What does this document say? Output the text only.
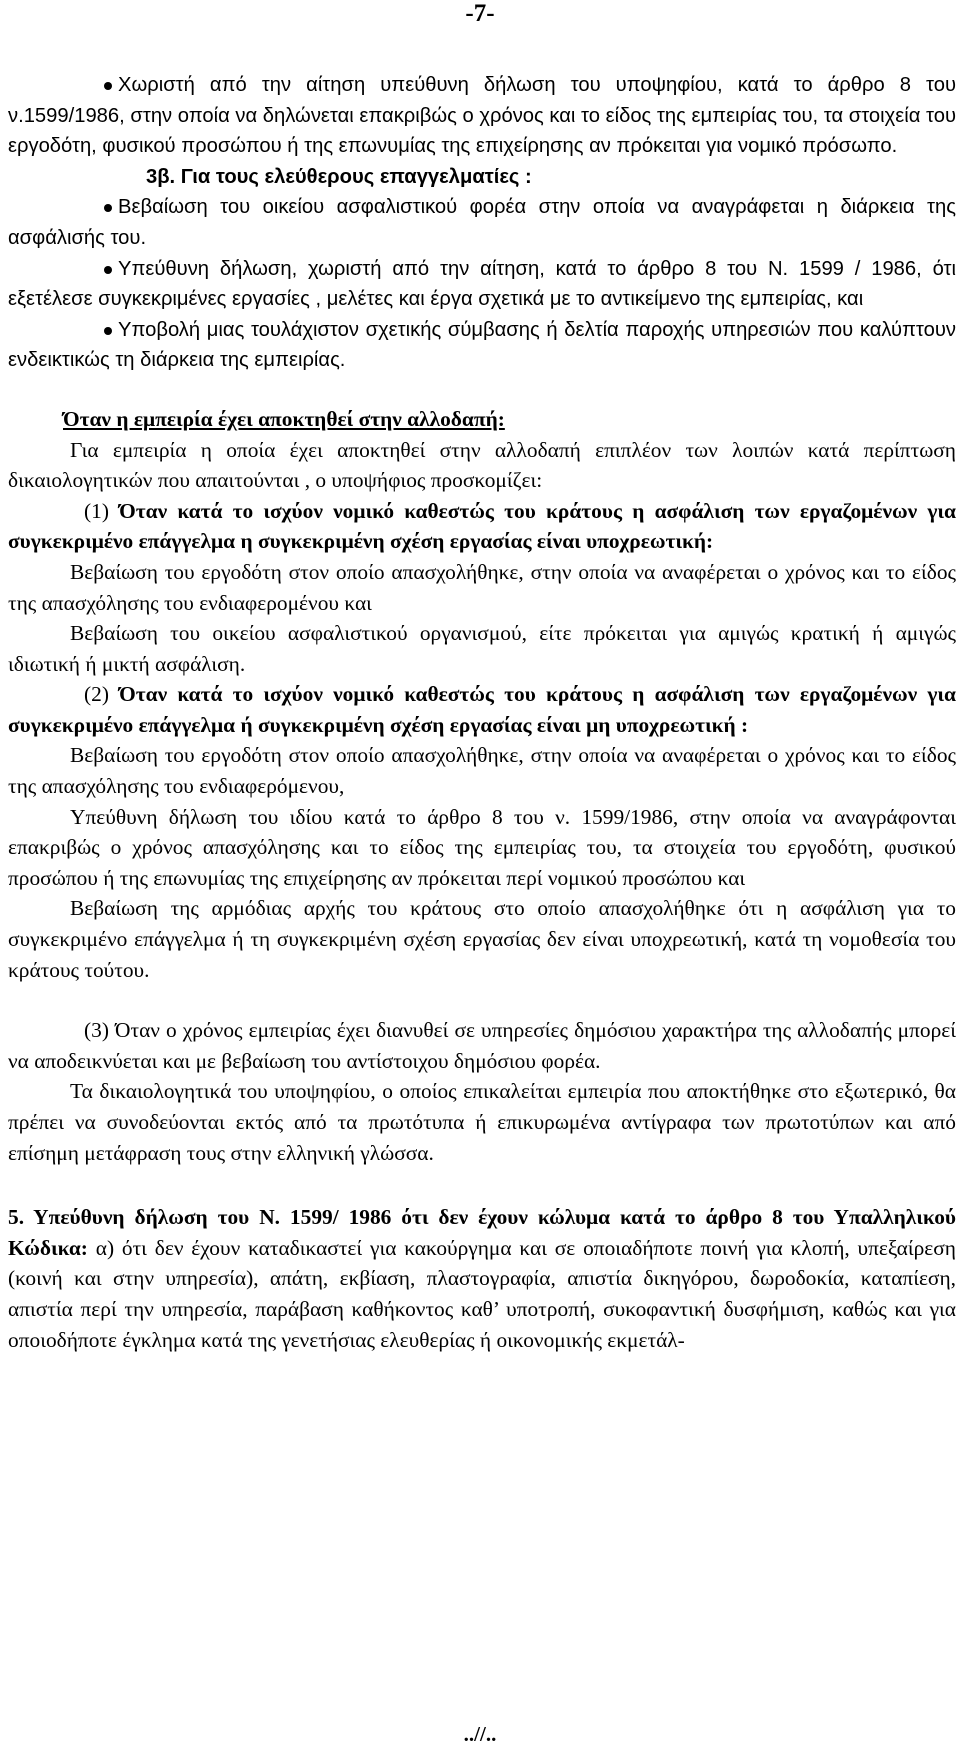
-7-

Χωριστή από την αίτηση υπεύθυνη δήλωση του υποψηφίου, κατά το άρθρο 8 του ν.1599/1986, στην οποία να δηλώνεται επακριβώς ο χρόνος και το είδος της εμπειρίας του, τα στοιχεία του εργοδότη, φυσικού προσώπου ή της επωνυμίας της επιχείρησης αν πρόκειται για νομικό πρόσωπο.

3β. Για τους ελεύθερους επαγγελματίες :

Βεβαίωση του οικείου ασφαλιστικού φορέα στην οποία να αναγράφεται η διάρκεια της ασφάλισής του.

Υπεύθυνη δήλωση, χωριστή από την αίτηση, κατά το άρθρο 8 του Ν. 1599 / 1986, ότι εξετέλεσε συγκεκριμένες εργασίες , μελέτες και έργα σχετικά με το αντικείμενο της εμπειρίας, και

Υποβολή μιας τουλάχιστον σχετικής σύμβασης ή δελτία παροχής υπηρεσιών που καλύπτουν ενδεικτικώς τη διάρκεια της εμπειρίας.

Όταν η εμπειρία έχει αποκτηθεί στην αλλοδαπή:

Για εμπειρία η οποία έχει αποκτηθεί στην αλλοδαπή επιπλέον των λοιπών κατά περίπτωση δικαιολογητικών που απαιτούνται , ο υποψήφιος προσκομίζει:

(1) Όταν κατά το ισχύον νομικό καθεστώς του κράτους η ασφάλιση των εργαζομένων για συγκεκριμένο επάγγελμα η συγκεκριμένη σχέση εργασίας είναι υποχρεωτική:

Βεβαίωση του εργοδότη στον οποίο απασχολήθηκε, στην οποία να αναφέρεται ο χρόνος και το είδος της απασχόλησης του ενδιαφερομένου και

Βεβαίωση του οικείου ασφαλιστικού οργανισμού, είτε πρόκειται για αμιγώς κρατική ή αμιγώς ιδιωτική ή μικτή ασφάλιση.

(2) Όταν κατά το ισχύον νομικό καθεστώς του κράτους η ασφάλιση των εργαζομένων για συγκεκριμένο επάγγελμα ή συγκεκριμένη σχέση εργασίας είναι μη υποχρεωτική :

Βεβαίωση του εργοδότη στον οποίο απασχολήθηκε, στην οποία να αναφέρεται ο χρόνος και το είδος της απασχόλησης του ενδιαφερόμενου,

Υπεύθυνη δήλωση του ιδίου κατά το άρθρο 8 του ν. 1599/1986, στην οποία να αναγράφονται επακριβώς ο χρόνος απασχόλησης και το είδος της εμπειρίας του, τα στοιχεία του εργοδότη, φυσικού προσώπου ή της επωνυμίας της επιχείρησης αν πρόκειται περί νομικού προσώπου και

Βεβαίωση της αρμόδιας αρχής του κράτους στο οποίο απασχολήθηκε ότι η ασφάλιση για το συγκεκριμένο επάγγελμα ή τη συγκεκριμένη σχέση εργασίας δεν είναι υποχρεωτική, κατά τη νομοθεσία του κράτους τούτου.

(3) Όταν ο χρόνος εμπειρίας έχει διανυθεί σε υπηρεσίες δημόσιου χαρακτήρα της αλλοδαπής μπορεί να αποδεικνύεται και με βεβαίωση του αντίστοιχου δημόσιου φορέα.

Τα δικαιολογητικά του υποψηφίου, ο οποίος επικαλείται εμπειρία που αποκτήθηκε στο εξωτερικό, θα πρέπει να συνοδεύονται εκτός από τα πρωτότυπα ή επικυρωμένα αντίγραφα των πρωτοτύπων και από επίσημη μετάφραση τους στην ελληνική γλώσσα.

5. Υπεύθυνη δήλωση του Ν. 1599/ 1986 ότι δεν έχουν κώλυμα κατά το άρθρο 8 του Υπαλληλικού Κώδικα: α) ότι δεν έχουν καταδικαστεί για κακούργημα και σε οποιαδήποτε ποινή για κλοπή, υπεξαίρεση (κοινή και στην υπηρεσία), απάτη, εκβίαση, πλαστογραφία, απιστία δικηγόρου, δωροδοκία, καταπίεση, απιστία περί την υπηρεσία, παράβαση καθήκοντος καθ’ υποτροπή, συκοφαντική δυσφήμιση, καθώς και για οποιοδήποτε έγκλημα κατά της γενετήσιας ελευθερίας ή οικονομικής εκμετάλ-

..//..
